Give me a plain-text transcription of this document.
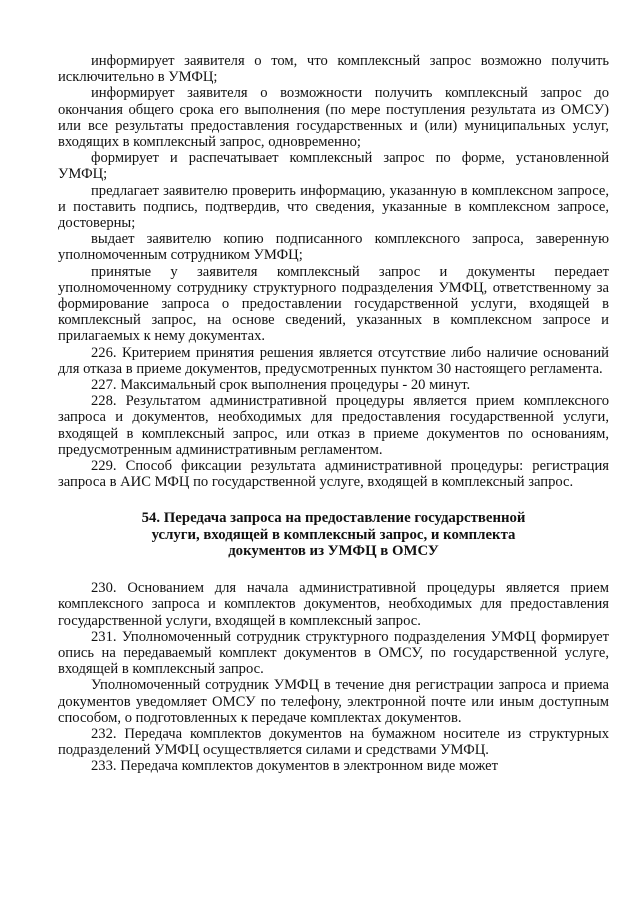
информирует заявителя о том, что комплексный запрос возможно получить исключительно в УМФЦ;

информирует заявителя о возможности получить комплексный запрос до окончания общего срока его выполнения (по мере поступления результата из ОМСУ) или все результаты предоставления государственных и (или) муниципальных услуг, входящих в комплексный запрос, одновременно;

формирует и распечатывает комплексный запрос по форме, установленной УМФЦ;

предлагает заявителю проверить информацию, указанную в комплексном запросе, и поставить подпись, подтвердив, что сведения, указанные в комплексном запросе, достоверны;

выдает заявителю копию подписанного комплексного запроса, заверенную уполномоченным сотрудником УМФЦ;

принятые у заявителя комплексный запрос и документы передает уполномоченному сотруднику структурного подразделения УМФЦ, ответственному за формирование запроса о предоставлении государственной услуги, входящей в комплексный запрос, на основе сведений, указанных в комплексном запросе и прилагаемых к нему документах.

226. Критерием принятия решения является отсутствие либо наличие оснований для отказа в приеме документов, предусмотренных пунктом 30 настоящего регламента.

227. Максимальный срок выполнения процедуры - 20 минут.

228. Результатом административной процедуры является прием комплексного запроса и документов, необходимых для предоставления государственной услуги, входящей в комплексный запрос, или отказ в приеме документов по основаниям, предусмотренным административным регламентом.

229. Способ фиксации результата административной процедуры: регистрация запроса в АИС МФЦ по государственной услуге, входящей в комплексный запрос.

54. Передача запроса на предоставление государственной
услуги, входящей в комплексный запрос, и комплекта
документов из УМФЦ в ОМСУ

230. Основанием для начала административной процедуры является прием комплексного запроса и комплектов документов, необходимых для предоставления государственной услуги, входящей в комплексный запрос.

231. Уполномоченный сотрудник структурного подразделения УМФЦ формирует опись на передаваемый комплект документов в ОМСУ, по государственной услуге, входящей в комплексный запрос.

Уполномоченный сотрудник УМФЦ в течение дня регистрации запроса и приема документов уведомляет ОМСУ по телефону, электронной почте или иным доступным способом, о подготовленных к передаче комплектах документов.

232. Передача комплектов документов на бумажном носителе из структурных подразделений УМФЦ осуществляется силами и средствами УМФЦ.

233. Передача комплектов документов в электронном виде может
